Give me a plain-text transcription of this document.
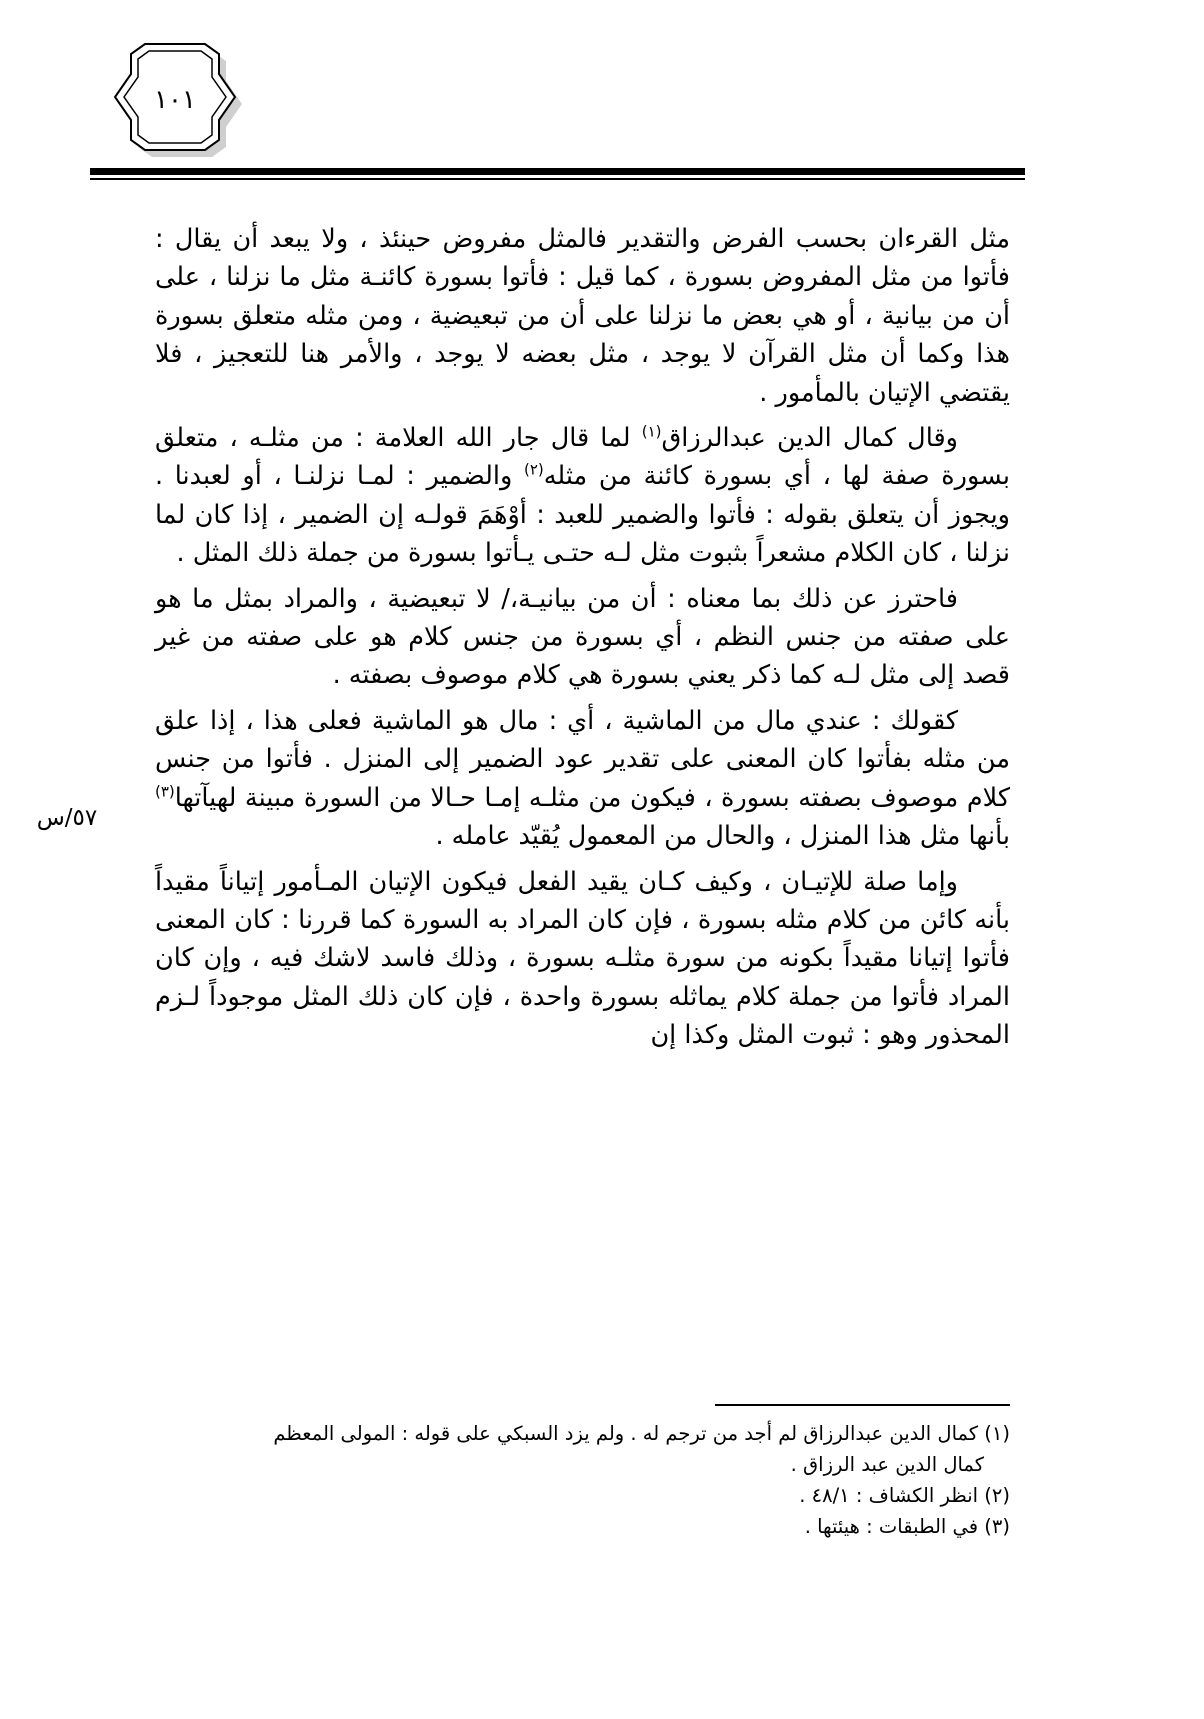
١٠١

مثل القرءان بحسب الفرض والتقدير فالمثل مفروض حينئذ ، ولا يبعد أن يقال : فأتوا من مثل المفروض بسورة ، كما قيل : فأتوا بسورة كائنـة مثل ما نزلنا ، على أن من بيانية ، أو هي بعض ما نزلنا على أن من تبعيضية ، ومن مثله متعلق بسورة هذا وكما أن مثل القرآن لا يوجد ، مثل بعضه لا يوجد ، والأمر هنا للتعجيز ، فلا يقتضي الإتيان بالمأمور .

وقال كمال الدين عبدالرزاق$^{(١)}$ لما قال جار الله العلامة : من مثلـه ، متعلق بسورة صفة لها ، أي بسورة كائنة من مثله$^{(٢)}$ والضمير : لمـا نزلنـا ، أو لعبدنا . ويجوز أن يتعلق بقوله : فأتوا والضمير للعبد : أوْهَمَ قولـه إن الضمير ، إذا كان لما نزلنا ، كان الكلام مشعراً بثبوت مثل لـه حتـى يـأتوا بسورة من جملة ذلك المثل .

فاحترز عن ذلك بما معناه : أن من بيانيـة،/ لا تبعيضية ، والمراد بمثل ما هو على صفته من جنس النظم ، أي بسورة من جنس كلام هو على صفته من غير قصد إلى مثل لـه كما ذكر يعني بسورة هي كلام موصوف بصفته .

كقولك : عندي مال من الماشية ، أي : مال هو الماشية فعلى هذا ، إذا علق من مثله بفأتوا كان المعنى على تقدير عود الضمير إلى المنزل . فأتوا من جنس كلام موصوف بصفته بسورة ، فيكون من مثلـه إمـا حـالا من السورة مبينة لهيآتها$^{(٣)}$ بأنها مثل هذا المنزل ، والحال من المعمول يُقيّد عامله .

وإما صلة للإتيـان ، وكيف كـان يقيد الفعل فيكون الإتيان المـأمور إتياناً مقيداً بأنه كائن من كلام مثله بسورة ، فإن كان المراد به السورة كما قررنا : كان المعنى فأتوا إتيانا مقيداً بكونه من سورة مثلـه بسورة ، وذلك فاسد لاشك فيه ، وإن كان المراد فأتوا من جملة كلام يماثله بسورة واحدة ، فإن كان ذلك المثل موجوداً لـزم المحذور وهو : ثبوت المثل وكذا إن

٥٧/س

(١) كمال الدين عبدالرزاق لم أجد من ترجم له . ولم يزد السبكي على قوله : المولى المعظم

كمال الدين عبد الرزاق .

(٢) انظر الكشاف : ٤٨/١ .

(٣) في الطبقات : هيئتها .
